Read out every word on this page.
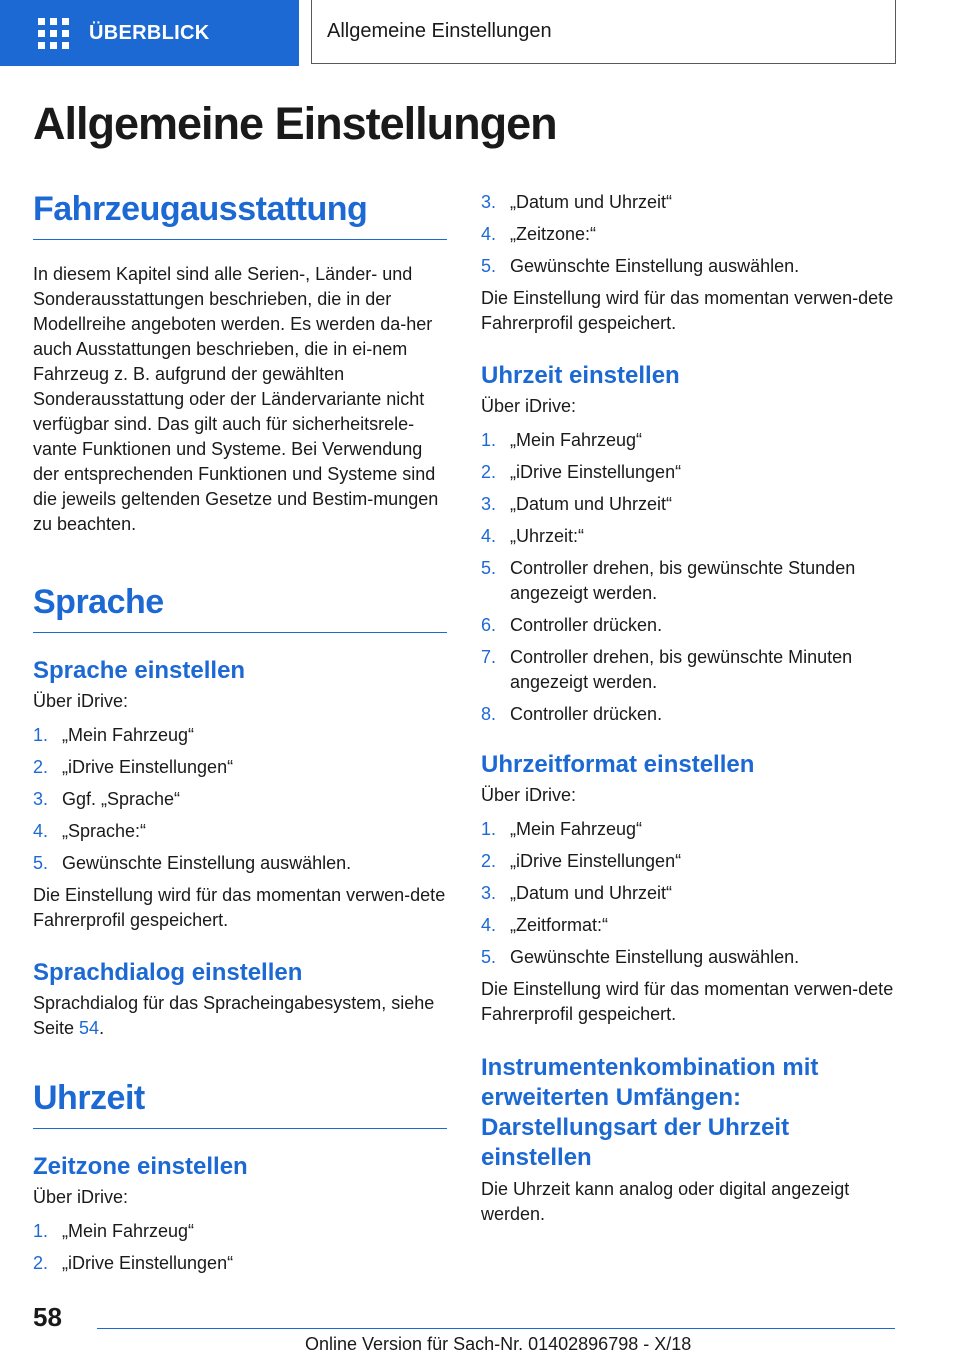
ÜBERBLICK	Allgemeine Einstellungen
Allgemeine Einstellungen
Fahrzeugausstattung

In diesem Kapitel sind alle Serien-, Länder- und Sonderausstattungen beschrieben, die in der Modellreihe angeboten werden. Es werden da-her auch Ausstattungen beschrieben, die in ei-nem Fahrzeug z. B. aufgrund der gewählten Sonderausstattung oder der Ländervariante nicht verfügbar sind. Das gilt auch für sicherheitsrele-vante Funktionen und Systeme. Bei Verwendung der entsprechenden Funktionen und Systeme sind die jeweils geltenden Gesetze und Bestim-mungen zu beachten.

Sprache
Sprache einstellen

Über iDrive:

1. „Mein Fahrzeug“
2. „iDrive Einstellungen“
3. Ggf. „Sprache“
4. „Sprache:“
5. Gewünschte Einstellung auswählen.

Die Einstellung wird für das momentan verwen-dete Fahrerprofil gespeichert.

Sprachdialog einstellen

Sprachdialog für das Spracheingabesystem, siehe Seite 54.

Uhrzeit
Zeitzone einstellen

Über iDrive:

1. „Mein Fahrzeug“
2. „iDrive Einstellungen“
3. „Datum und Uhrzeit“
4. „Zeitzone:“
5. Gewünschte Einstellung auswählen.

Die Einstellung wird für das momentan verwen-dete Fahrerprofil gespeichert.

Uhrzeit einstellen

Über iDrive:

1. „Mein Fahrzeug“
2. „iDrive Einstellungen“
3. „Datum und Uhrzeit“
4. „Uhrzeit:“
5. Controller drehen, bis gewünschte Stunden angezeigt werden.
6. Controller drücken.
7. Controller drehen, bis gewünschte Minuten angezeigt werden.
8. Controller drücken.
Uhrzeitformat einstellen

Über iDrive:

1. „Mein Fahrzeug“
2. „iDrive Einstellungen“
3. „Datum und Uhrzeit“
4. „Zeitformat:“
5. Gewünschte Einstellung auswählen.

Die Einstellung wird für das momentan verwen-dete Fahrerprofil gespeichert.

Instrumentenkombination mit erweiterten Umfängen: Darstellungsart der Uhrzeit einstellen

Die Uhrzeit kann analog oder digital angezeigt werden.

58
Online Version für Sach-Nr. 01402896798 - X/18
